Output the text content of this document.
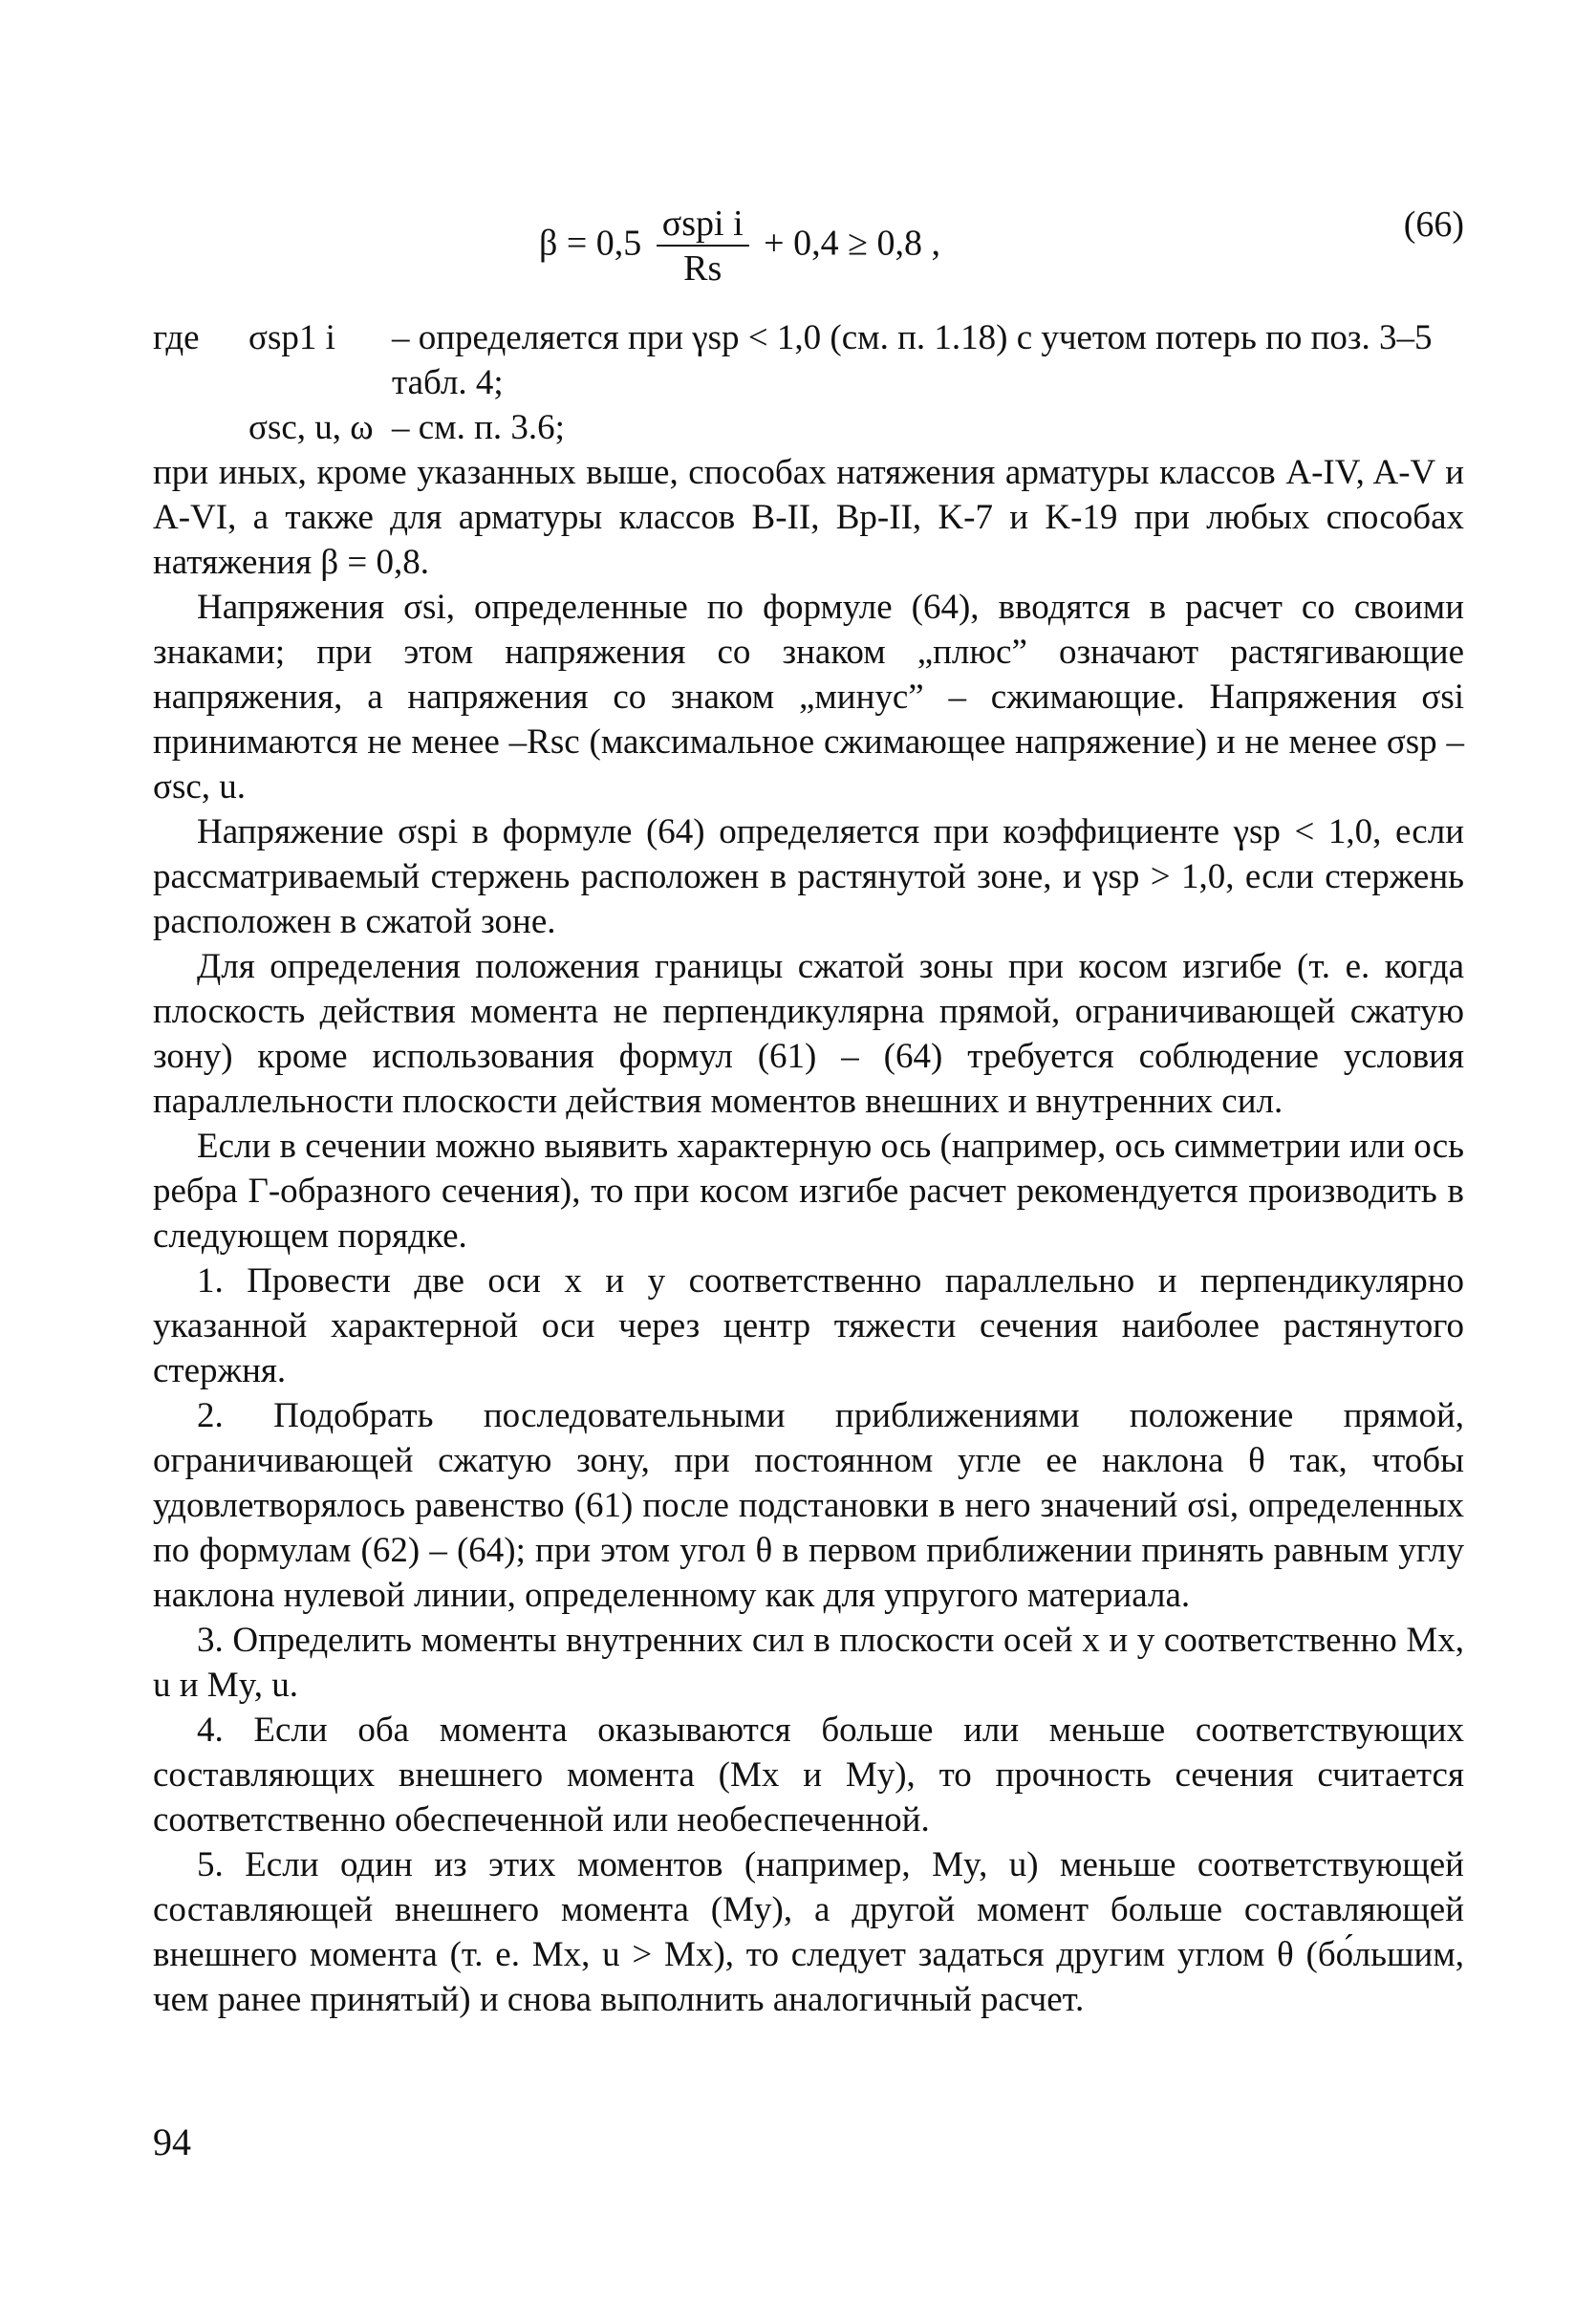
$\beta = 0,5 \frac{\text{σspi i}}{Rs} + 0,4 \ge 0,8$ ,	(66)
где	σsp1 i	– определяется при γsp < 1,0 (см. п. 1.18) с учетом потерь по поз. 3–5 табл. 4;
σsc, u, ω – см. п. 3.6;

при иных, кроме указанных выше, способах натяжения арматуры классов A-IV, A-V и A-VI, а также для арматуры классов B-II, Bp-II, K-7 и K-19 при любых способах натяжения β = 0,8.

Напряжения σsi, определенные по формуле (64), вводятся в расчет со своими знаками; при этом напряжения со знаком „плюс” означают растягивающие напряжения, а напряжения со знаком „минус” – сжимающие. Напряжения σsi принимаются не менее –Rsc (максимальное сжимающее напряжение) и не менее σsp – σsc, u.

Напряжение σspi в формуле (64) определяется при коэффициенте γsp < 1,0, если рассматриваемый стержень расположен в растянутой зоне, и γsp > 1,0, если стержень расположен в сжатой зоне.

Для определения положения границы сжатой зоны при косом изгибе (т. е. когда плоскость действия момента не перпендикулярна прямой, ограничивающей сжатую зону) кроме использования формул (61) – (64) требуется соблюдение условия параллельности плоскости действия моментов внешних и внутренних сил.

Если в сечении можно выявить характерную ось (например, ось симметрии или ось ребра Г-образного сечения), то при косом изгибе расчет рекомендуется производить в следующем порядке.

1. Провести две оси x и y соответственно параллельно и перпендикулярно указанной характерной оси через центр тяжести сечения наиболее растянутого стержня.

2. Подобрать последовательными приближениями положение прямой, ограничивающей сжатую зону, при постоянном угле ее наклона θ так, чтобы удовлетворялось равенство (61) после подстановки в него значений σsi, определенных по формулам (62) – (64); при этом угол θ в первом приближении принять равным углу наклона нулевой линии, определенному как для упругого материала.

3. Определить моменты внутренних сил в плоскости осей x и y соответственно Mx, u и My, u.

4. Если оба момента оказываются больше или меньше соответствующих составляющих внешнего момента (Mx и My), то прочность сечения считается соответственно обеспеченной или необеспеченной.

5. Если один из этих моментов (например, My, u) меньше соответствующей составляющей внешнего момента (My), а другой момент больше составляющей внешнего момента (т. е. Mx, u > Mx), то следует задаться другим углом θ (бо́льшим, чем ранее принятый) и снова выполнить аналогичный расчет.

94
